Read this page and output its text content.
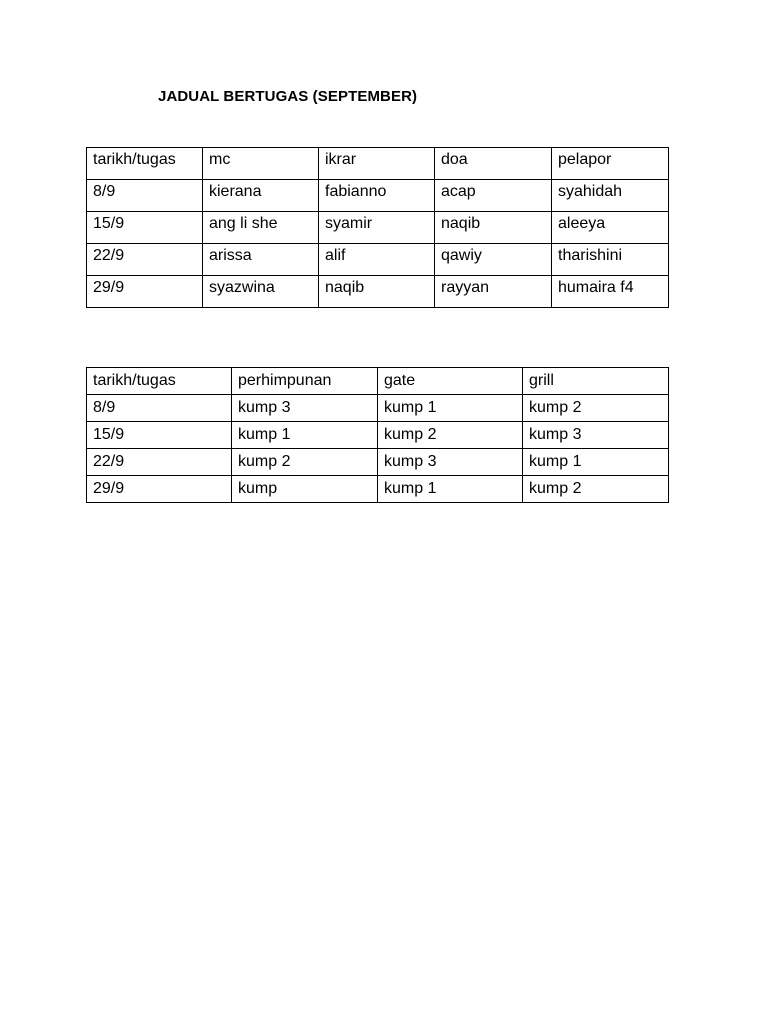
JADUAL BERTUGAS (SEPTEMBER)
tarikh/tugas	mc	ikrar	doa	pelapor
8/9	kierana	fabianno	acap	syahidah
15/9	ang li she	syamir	naqib	aleeya
22/9	arissa	alif	qawiy	tharishini
29/9	syazwina	naqib	rayyan	humaira f4
tarikh/tugas	perhimpunan	gate	grill
8/9	kump 3	kump 1	kump 2
15/9	kump 1	kump 2	kump 3
22/9	kump 2	kump 3	kump 1
29/9	kump	kump 1	kump 2
